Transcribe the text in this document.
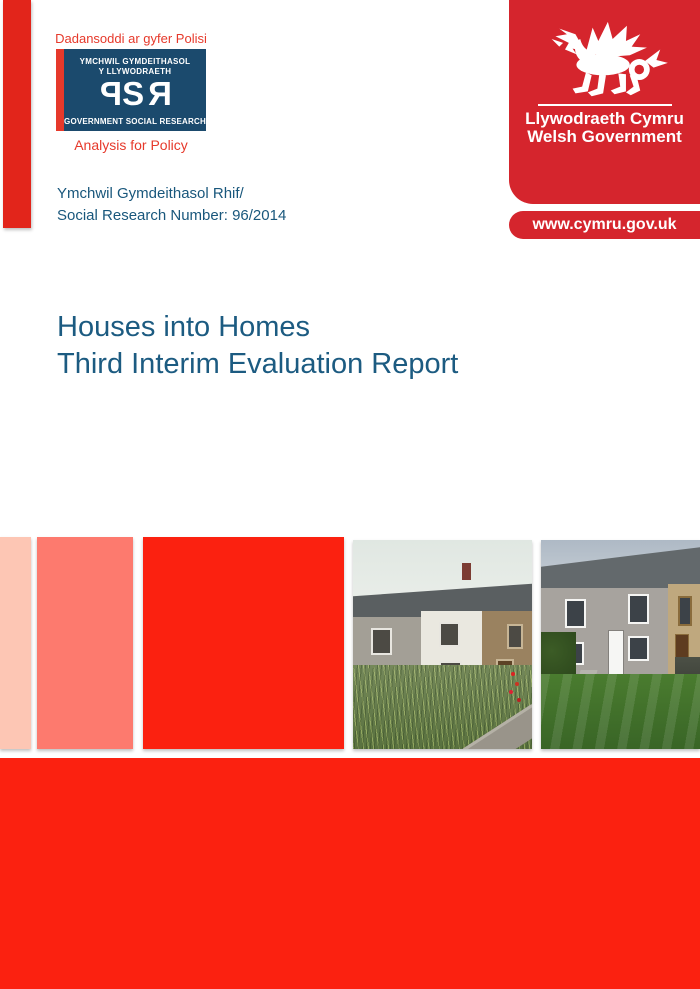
Dadansoddi ar gyfer Polisi
YMCHWIL GYMDEITHASOL
Y LLYWODRAETH
PSR
GOVERNMENT SOCIAL RESEARCH
Analysis for Policy
Ymchwil Gymdeithasol Rhif/
Social Research Number: 96/2014
Llywodraeth Cymru
Welsh Government
www.cymru.gov.uk
Houses into Homes
Third Interim Evaluation Report
